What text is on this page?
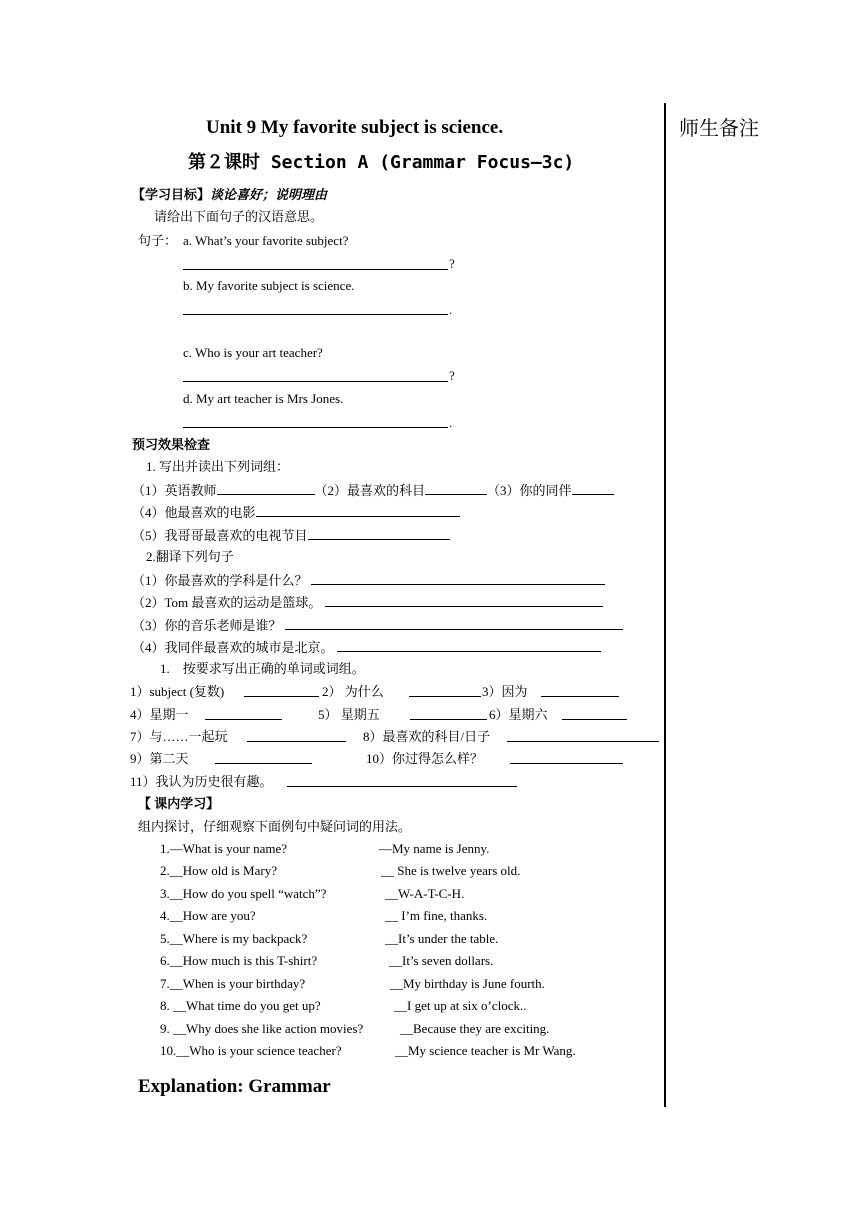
师生备注
Unit 9 My favorite subject is science.
第２课时 Section A (Grammar Focus—3c)
【学习目标】谈论喜好；说明理由
请给出下面句子的汉语意思。
句子： a. What’s your favorite subject?
?
b. My favorite subject is science.
.
c. Who is your art teacher?
?
d. My art teacher is Mrs Jones.
.
预习效果检查
1. 写出并读出下列词组：
（1）英语教师	（2）最喜欢的科目	（3）你的同伴
（4）他最喜欢的电影
（5）我哥哥最喜欢的电视节目
2.翻译下列句子
（1）你最喜欢的学科是什么？
（2）Tom 最喜欢的运动是篮球。
（3）你的音乐老师是谁？
（4）我同伴最喜欢的城市是北京。
1.　按要求写出正确的单词或词组。
1）subject (复数)	2） 为什么	3）因为
4）星期一	5） 星期五	6）星期六
7）与……一起玩	8）最喜欢的科目/日子
9）第二天	10）你过得怎么样？
11）我认为历史很有趣。
【 课内学习】
组内探讨，仔细观察下面例句中疑问词的用法。
1.—What is your name?	—My name is Jenny.
2.__How old is Mary?	__ She is twelve years old.
3.__How do you spell “watch”?	__W-A-T-C-H.
4.__How are you?	__ I’m fine, thanks.
5.__Where is my backpack?	__It’s under the table.
6.__How much is this T-shirt?	__It’s seven dollars.
7.__When is your birthday?	__My birthday is June fourth.
8. __What time do you get up?	__I get up at six o’clock..
9. __Why does she like action movies?	__Because they are exciting.
10.__Who is your science teacher?	__My science teacher is Mr Wang.
Explanation: Grammar
